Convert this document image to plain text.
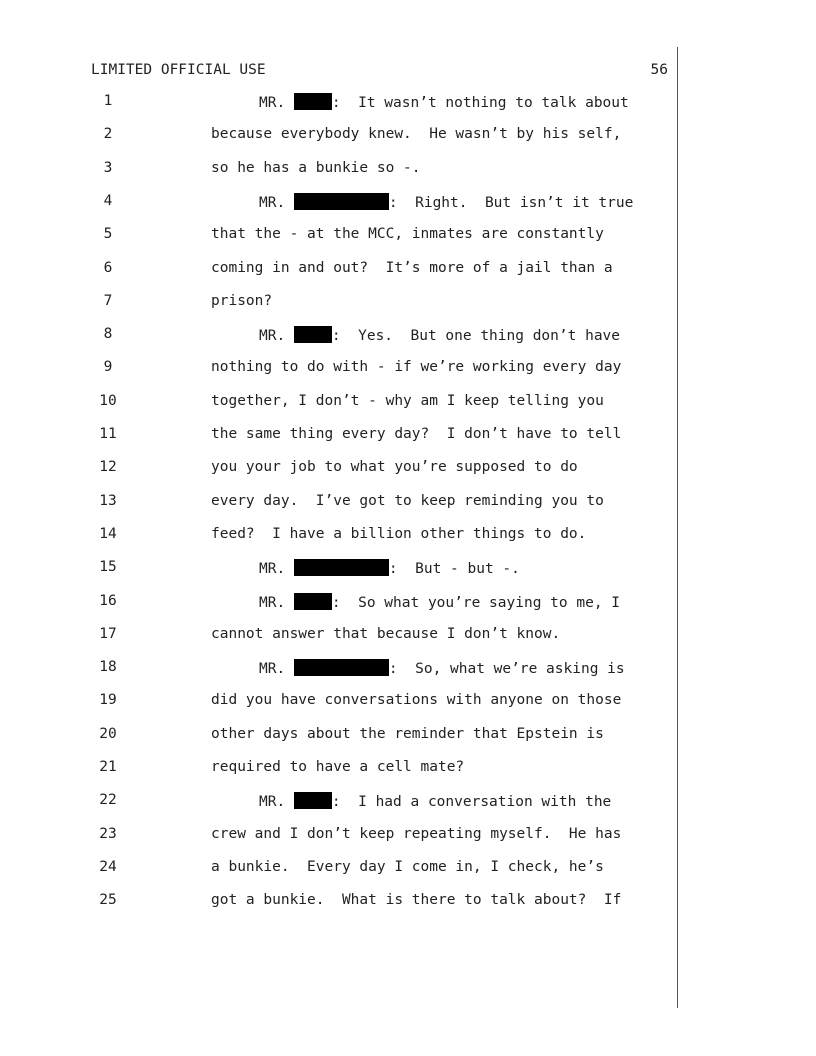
LIMITED OFFICIAL USE	56
1	MR.	:  It wasn’t nothing to talk about
2	because everybody knew.  He wasn’t by his self,
3	so he has a bunkie so -.
4	MR.	:  Right.  But isn’t it true
5	that the - at the MCC, inmates are constantly
6	coming in and out?  It’s more of a jail than a
7	prison?
8	MR.	:  Yes.  But one thing don’t have
9	nothing to do with - if we’re working every day
10	together, I don’t - why am I keep telling you
11	the same thing every day?  I don’t have to tell
12	you your job to what you’re supposed to do
13	every day.  I’ve got to keep reminding you to
14	feed?  I have a billion other things to do.
15	MR.	:  But - but -.
16	MR.	:  So what you’re saying to me, I
17	cannot answer that because I don’t know.
18	MR.	:  So, what we’re asking is
19	did you have conversations with anyone on those
20	other days about the reminder that Epstein is
21	required to have a cell mate?
22	MR.	:  I had a conversation with the
23	crew and I don’t keep repeating myself.  He has
24	a bunkie.  Every day I come in, I check, he’s
25	got a bunkie.  What is there to talk about?  If
